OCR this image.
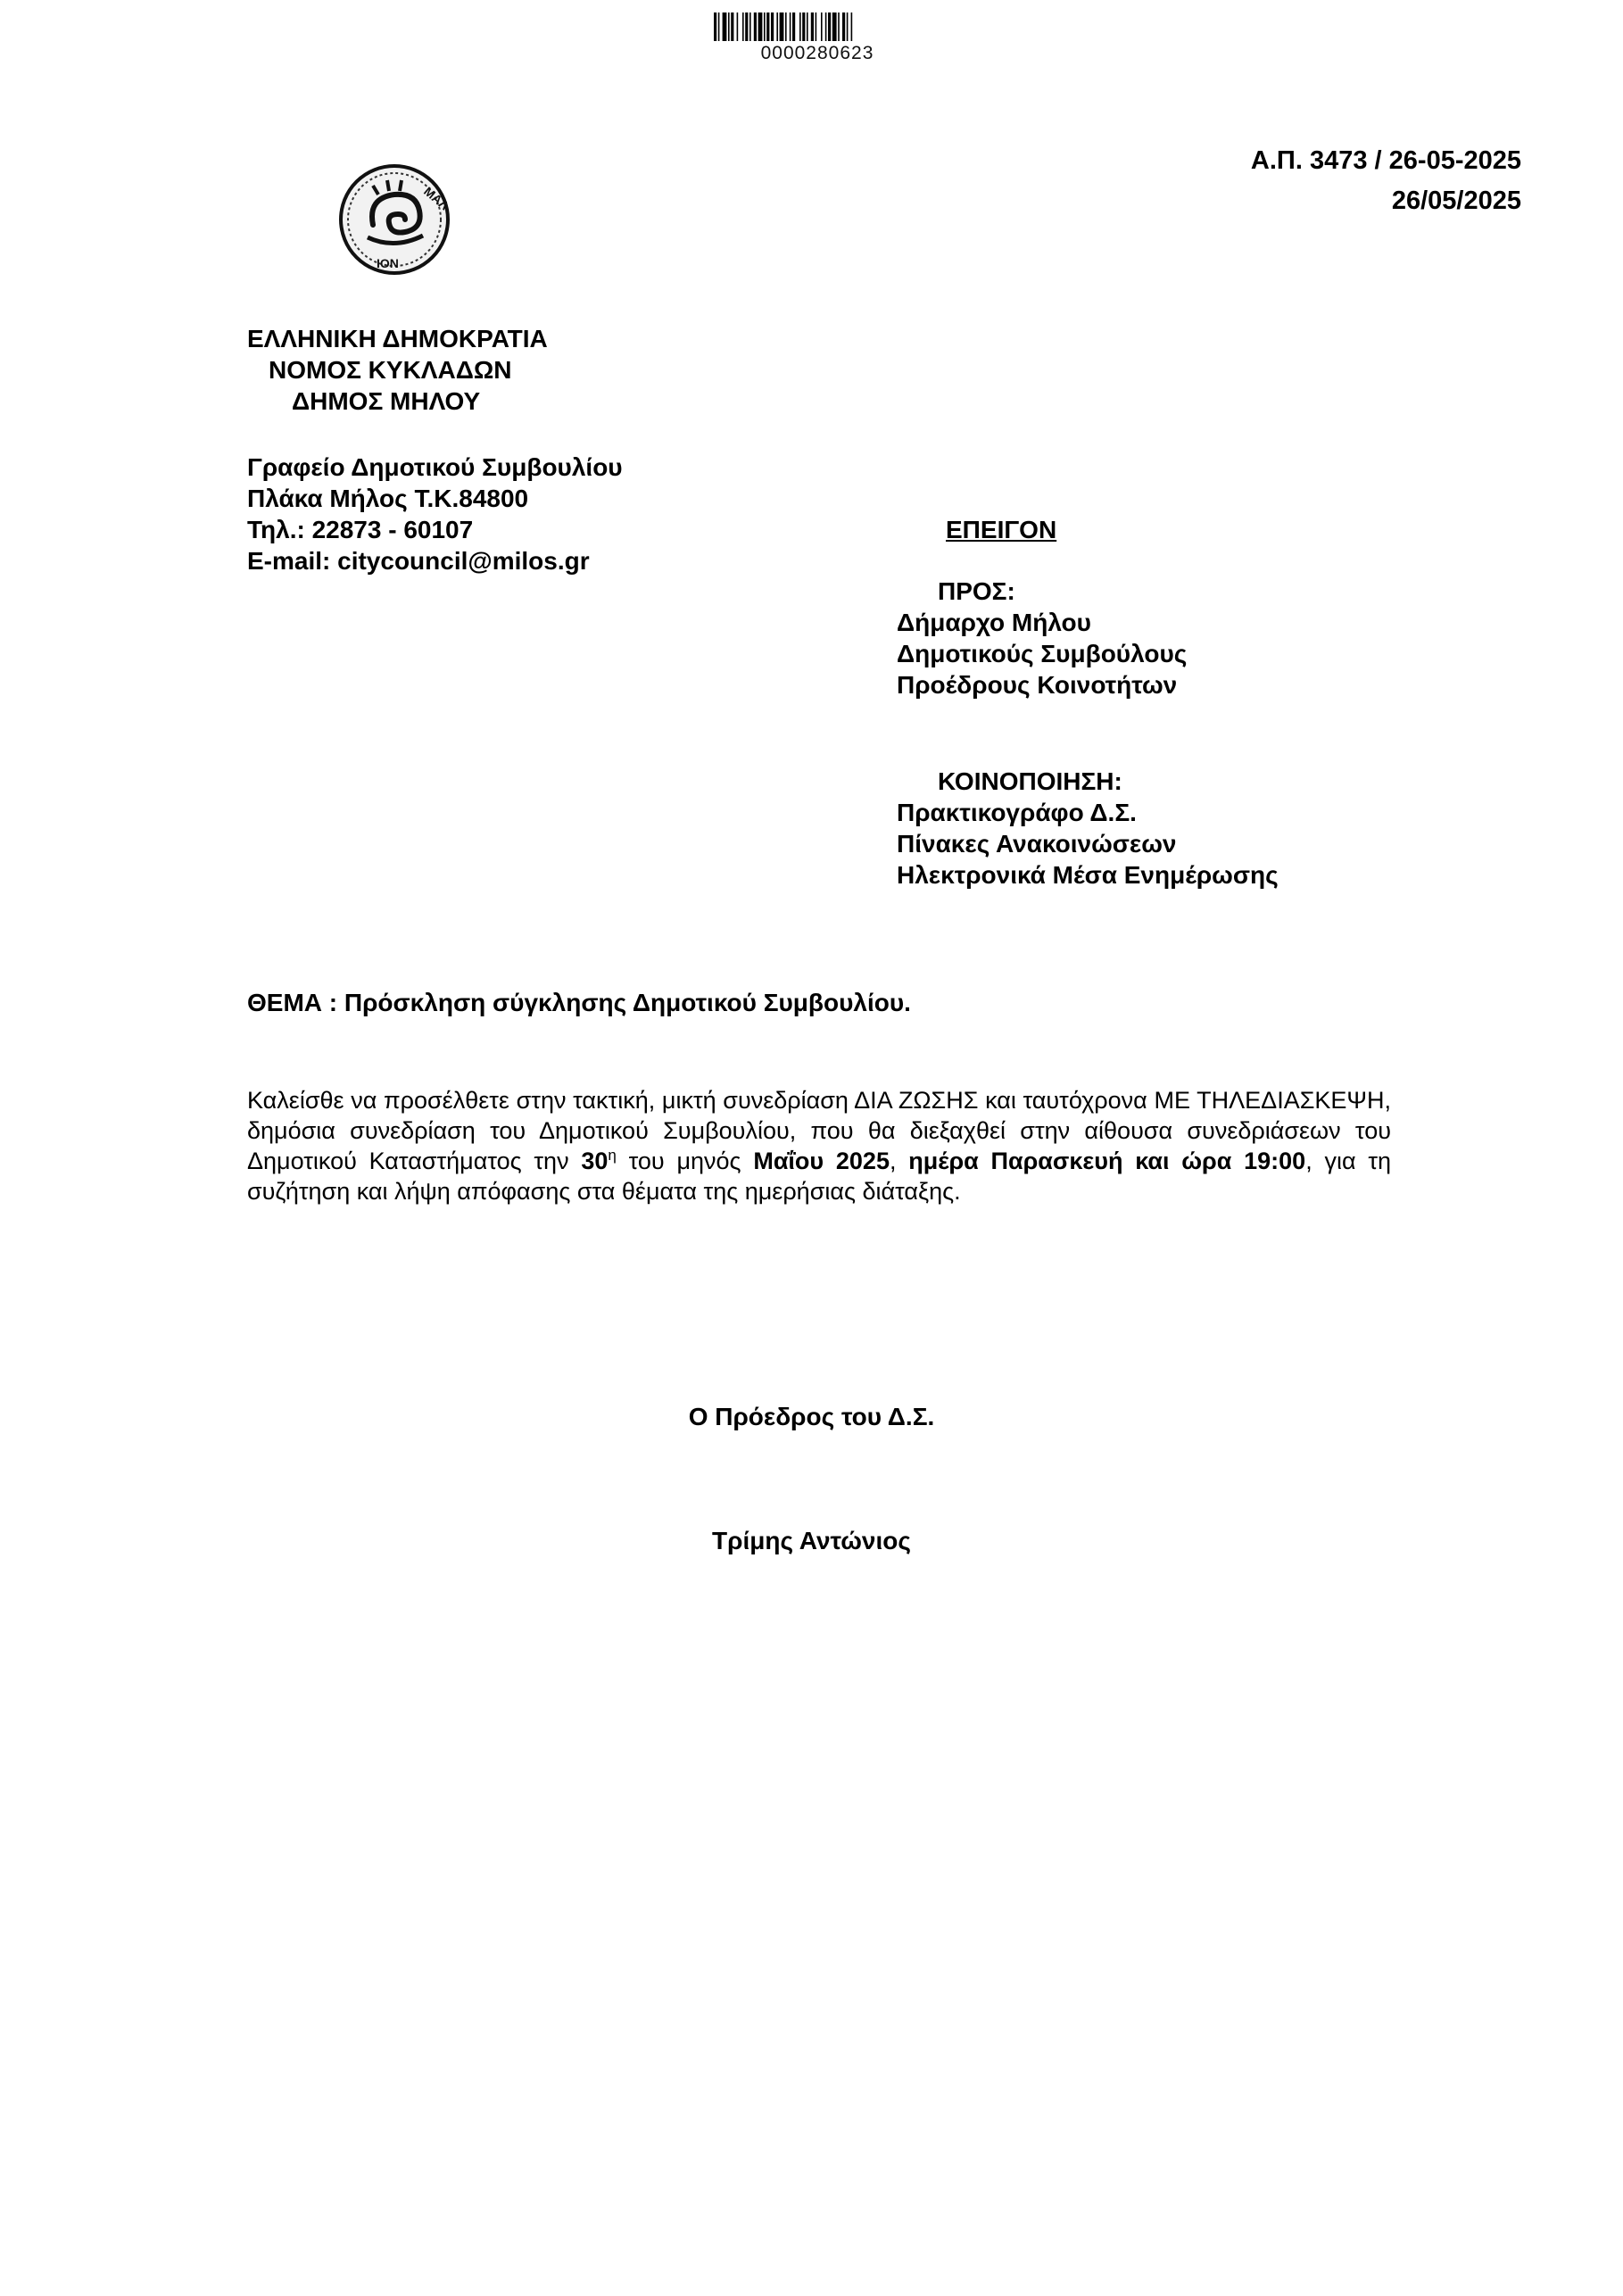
0000280623
Α.Π. 3473 / 26-05-2025
26/05/2025
ΜΑΛ
ΙΟΝ
ΕΛΛΗΝΙΚΗ ΔΗΜΟΚΡΑΤΙΑ
ΝΟΜΟΣ ΚΥΚΛΑΔΩΝ
ΔΗΜΟΣ ΜΗΛΟΥ
Γραφείο Δημοτικού Συμβουλίου
Πλάκα Μήλος Τ.Κ.84800
Τηλ.: 22873 - 60107
E-mail: citycouncil@milos.gr
ΕΠΕΙΓΟΝ
ΠΡΟΣ:
Δήμαρχο Μήλου
Δημοτικούς Συμβούλους
Προέδρους Κοινοτήτων
ΚΟΙΝΟΠΟΙΗΣΗ:
Πρακτικογράφο Δ.Σ.
Πίνακες Ανακοινώσεων
Ηλεκτρονικά Μέσα Ενημέρωσης
ΘΕΜΑ : Πρόσκληση σύγκλησης Δημοτικού Συμβουλίου.
Καλείσθε να προσέλθετε στην τακτική, μικτή συνεδρίαση ΔΙΑ ΖΩΣΗΣ και ταυτόχρονα ΜΕ ΤΗΛΕΔΙΑΣΚΕΨΗ, δημόσια συνεδρίαση του Δημοτικού Συμβουλίου, που θα διεξαχθεί στην αίθουσα συνεδριάσεων του Δημοτικού Καταστήματος την $30^\eta$ του μηνός Μαΐου 2025, ημέρα Παρασκευή και ώρα 19:00, για τη συζήτηση και λήψη απόφασης στα θέματα της ημερήσιας διάταξης.
Ο Πρόεδρος του Δ.Σ.
Τρίμης Αντώνιος
